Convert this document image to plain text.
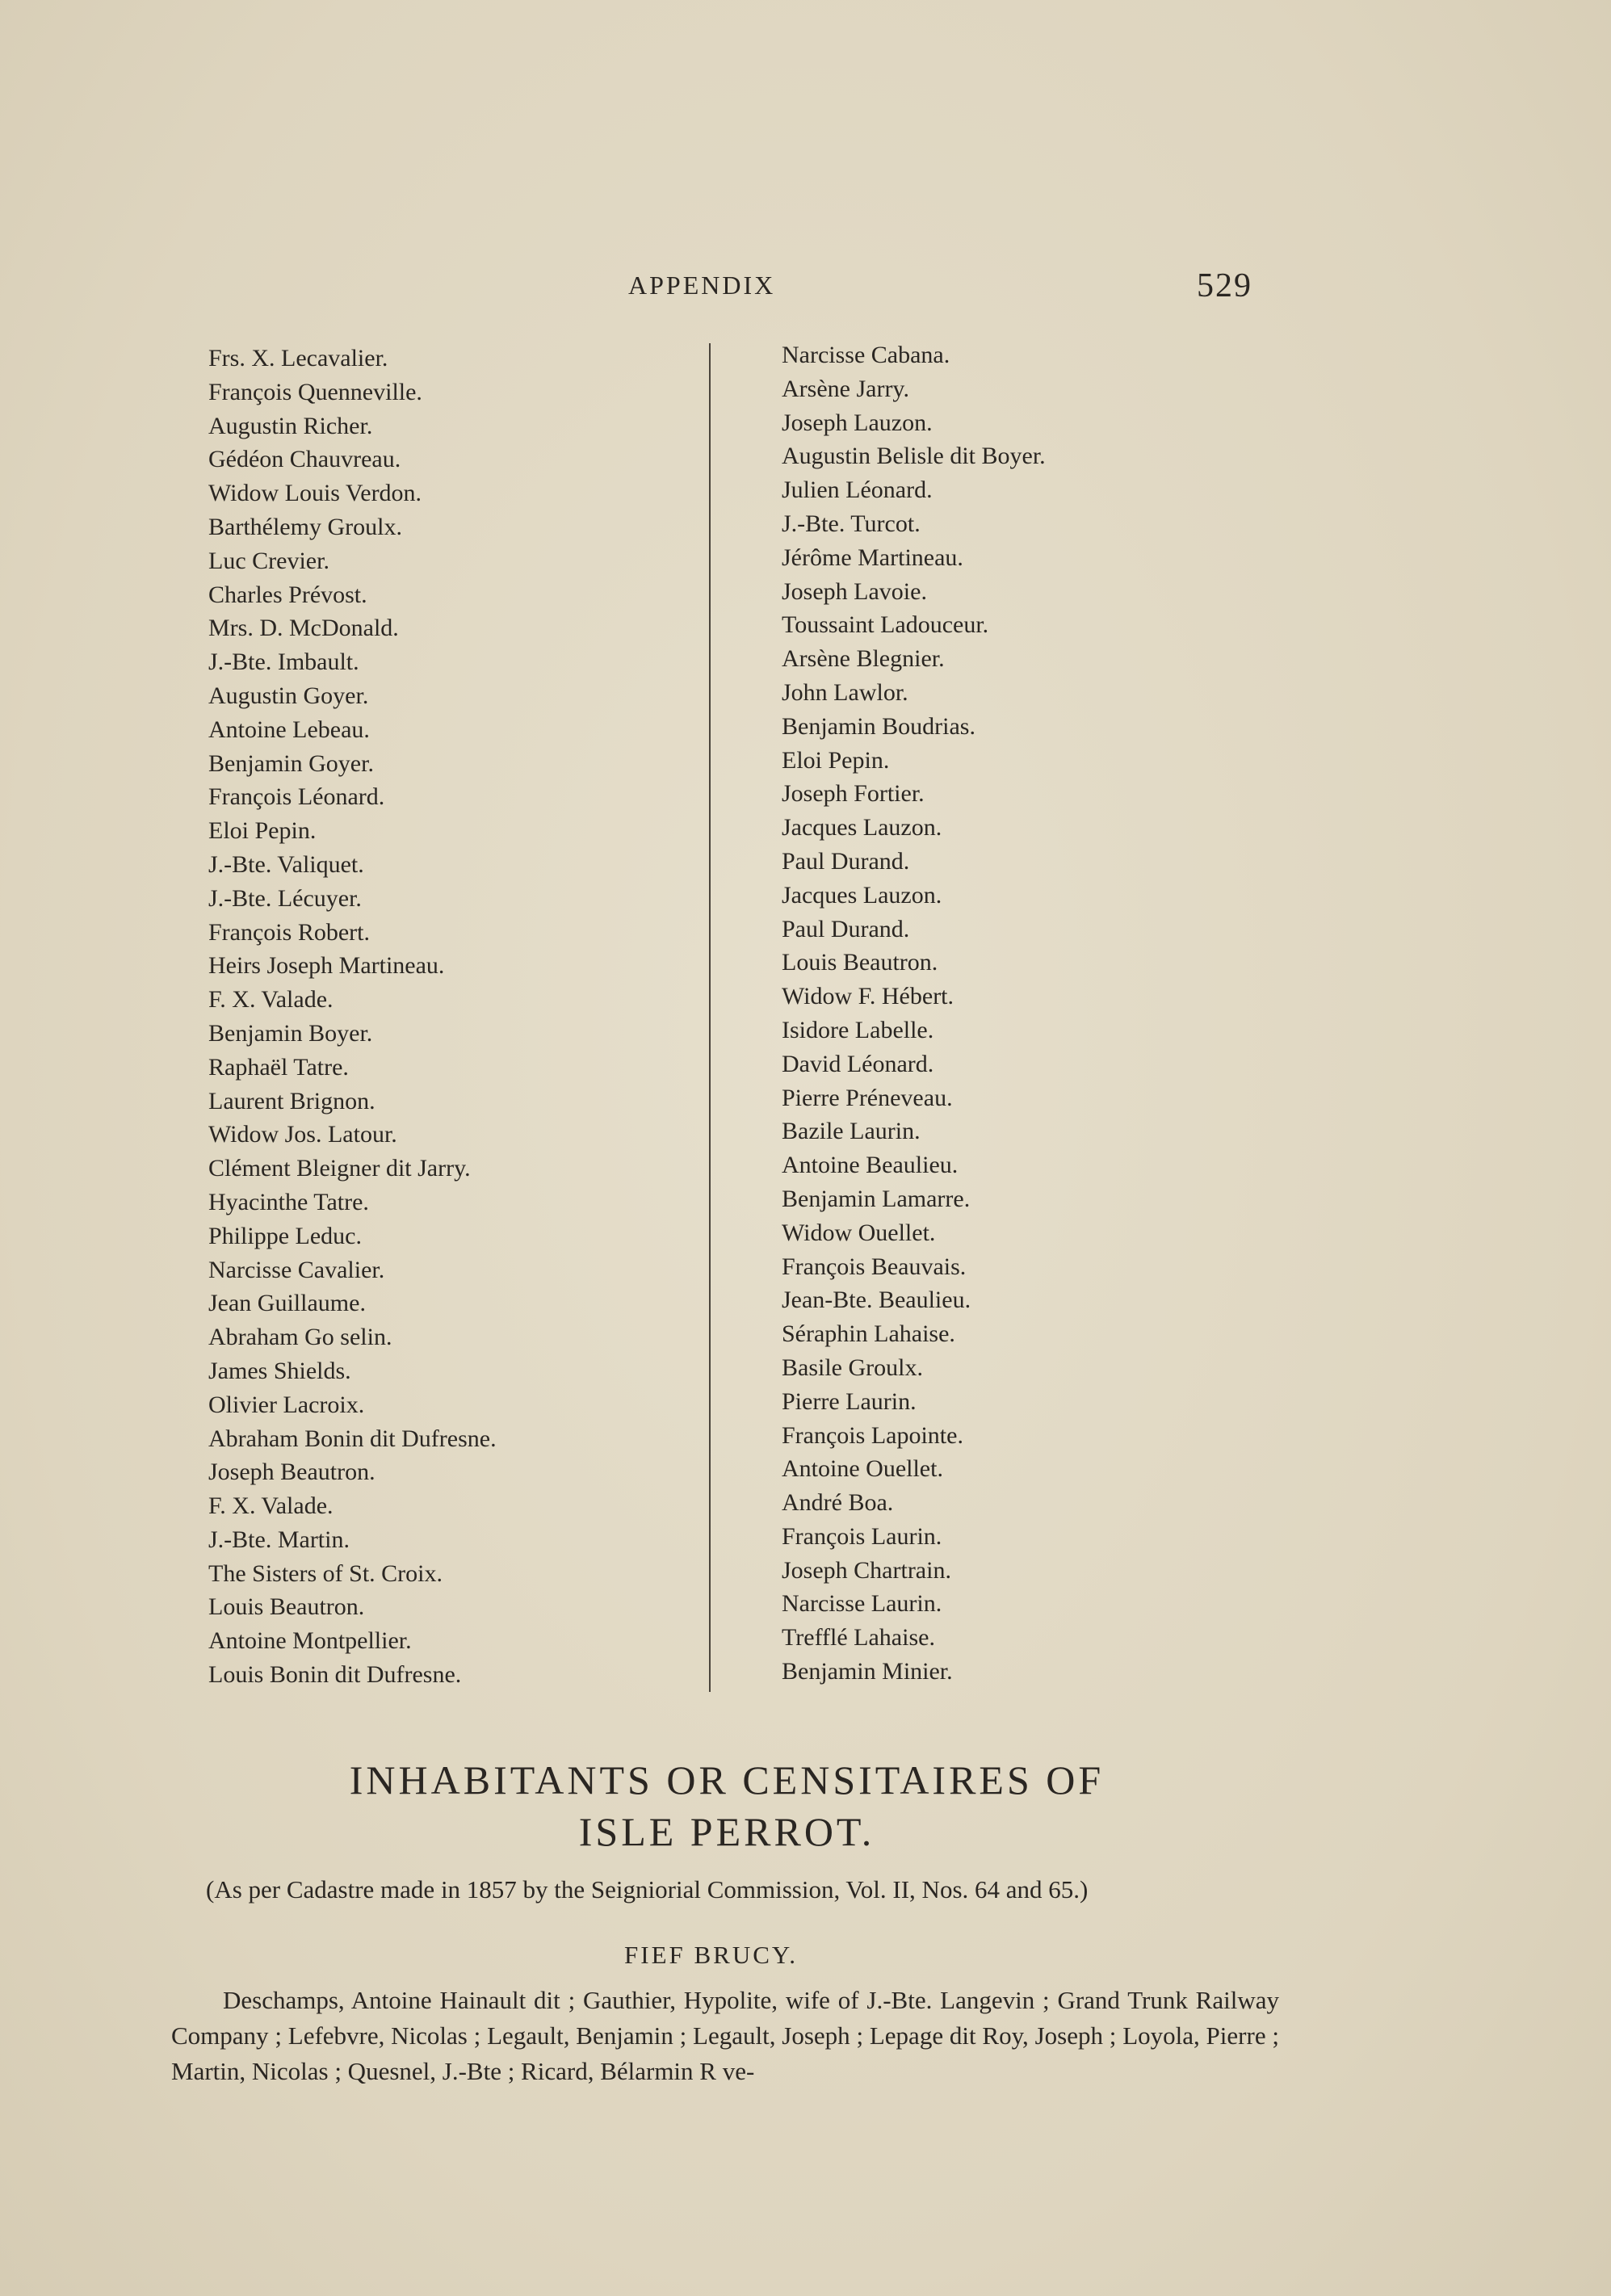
APPENDIX	529
Frs. X. Lecavalier.
François Quenneville.
Augustin Richer.
Gédéon Chauvreau.
Widow Louis Verdon.
Barthélemy Groulx.
Luc Crevier.
Charles Prévost.
Mrs. D. McDonald.
J.-Bte. Imbault.
Augustin Goyer.
Antoine Lebeau.
Benjamin Goyer.
François Léonard.
Eloi Pepin.
J.-Bte. Valiquet.
J.-Bte. Lécuyer.
François Robert.
Heirs Joseph Martineau.
F. X. Valade.
Benjamin Boyer.
Raphaël Tatre.
Laurent Brignon.
Widow Jos. Latour.
Clément Bleigner dit Jarry.
Hyacinthe Tatre.
Philippe Leduc.
Narcisse Cavalier.
Jean Guillaume.
Abraham Go selin.
James Shields.
Olivier Lacroix.
Abraham Bonin dit Dufresne.
Joseph Beautron.
F. X. Valade.
J.-Bte. Martin.
The Sisters of St. Croix.
Louis Beautron.
Antoine Montpellier.
Louis Bonin dit Dufresne.
Narcisse Cabana.
Arsène Jarry.
Joseph Lauzon.
Augustin Belisle dit Boyer.
Julien Léonard.
J.-Bte. Turcot.
Jérôme Martineau.
Joseph Lavoie.
Toussaint Ladouceur.
Arsène Blegnier.
John Lawlor.
Benjamin Boudrias.
Eloi Pepin.
Joseph Fortier.
Jacques Lauzon.
Paul Durand.
Jacques Lauzon.
Paul Durand.
Louis Beautron.
Widow F. Hébert.
Isidore Labelle.
David Léonard.
Pierre Préneveau.
Bazile Laurin.
Antoine Beaulieu.
Benjamin Lamarre.
Widow Ouellet.
François Beauvais.
Jean-Bte. Beaulieu.
Séraphin Lahaise.
Basile Groulx.
Pierre Laurin.
François Lapointe.
Antoine Ouellet.
André Boa.
François Laurin.
Joseph Chartrain.
Narcisse Laurin.
Trefflé Lahaise.
Benjamin Minier.
INHABITANTS OR CENSITAIRES OF
ISLE PERROT.

(As per Cadastre made in 1857 by the Seigniorial Commission, Vol. II, Nos. 64 and 65.)

FIEF BRUCY.

Deschamps, Antoine Hainault dit ; Gauthier, Hypolite, wife of J.-Bte. Langevin ; Grand Trunk Railway Company ; Lefebvre, Nicolas ; Legault, Benjamin ; Legault, Joseph ; Lepage dit Roy, Joseph ; Loyola, Pierre ; Martin, Nicolas ; Quesnel, J.-Bte ; Ricard, Bélarmin R ve-
